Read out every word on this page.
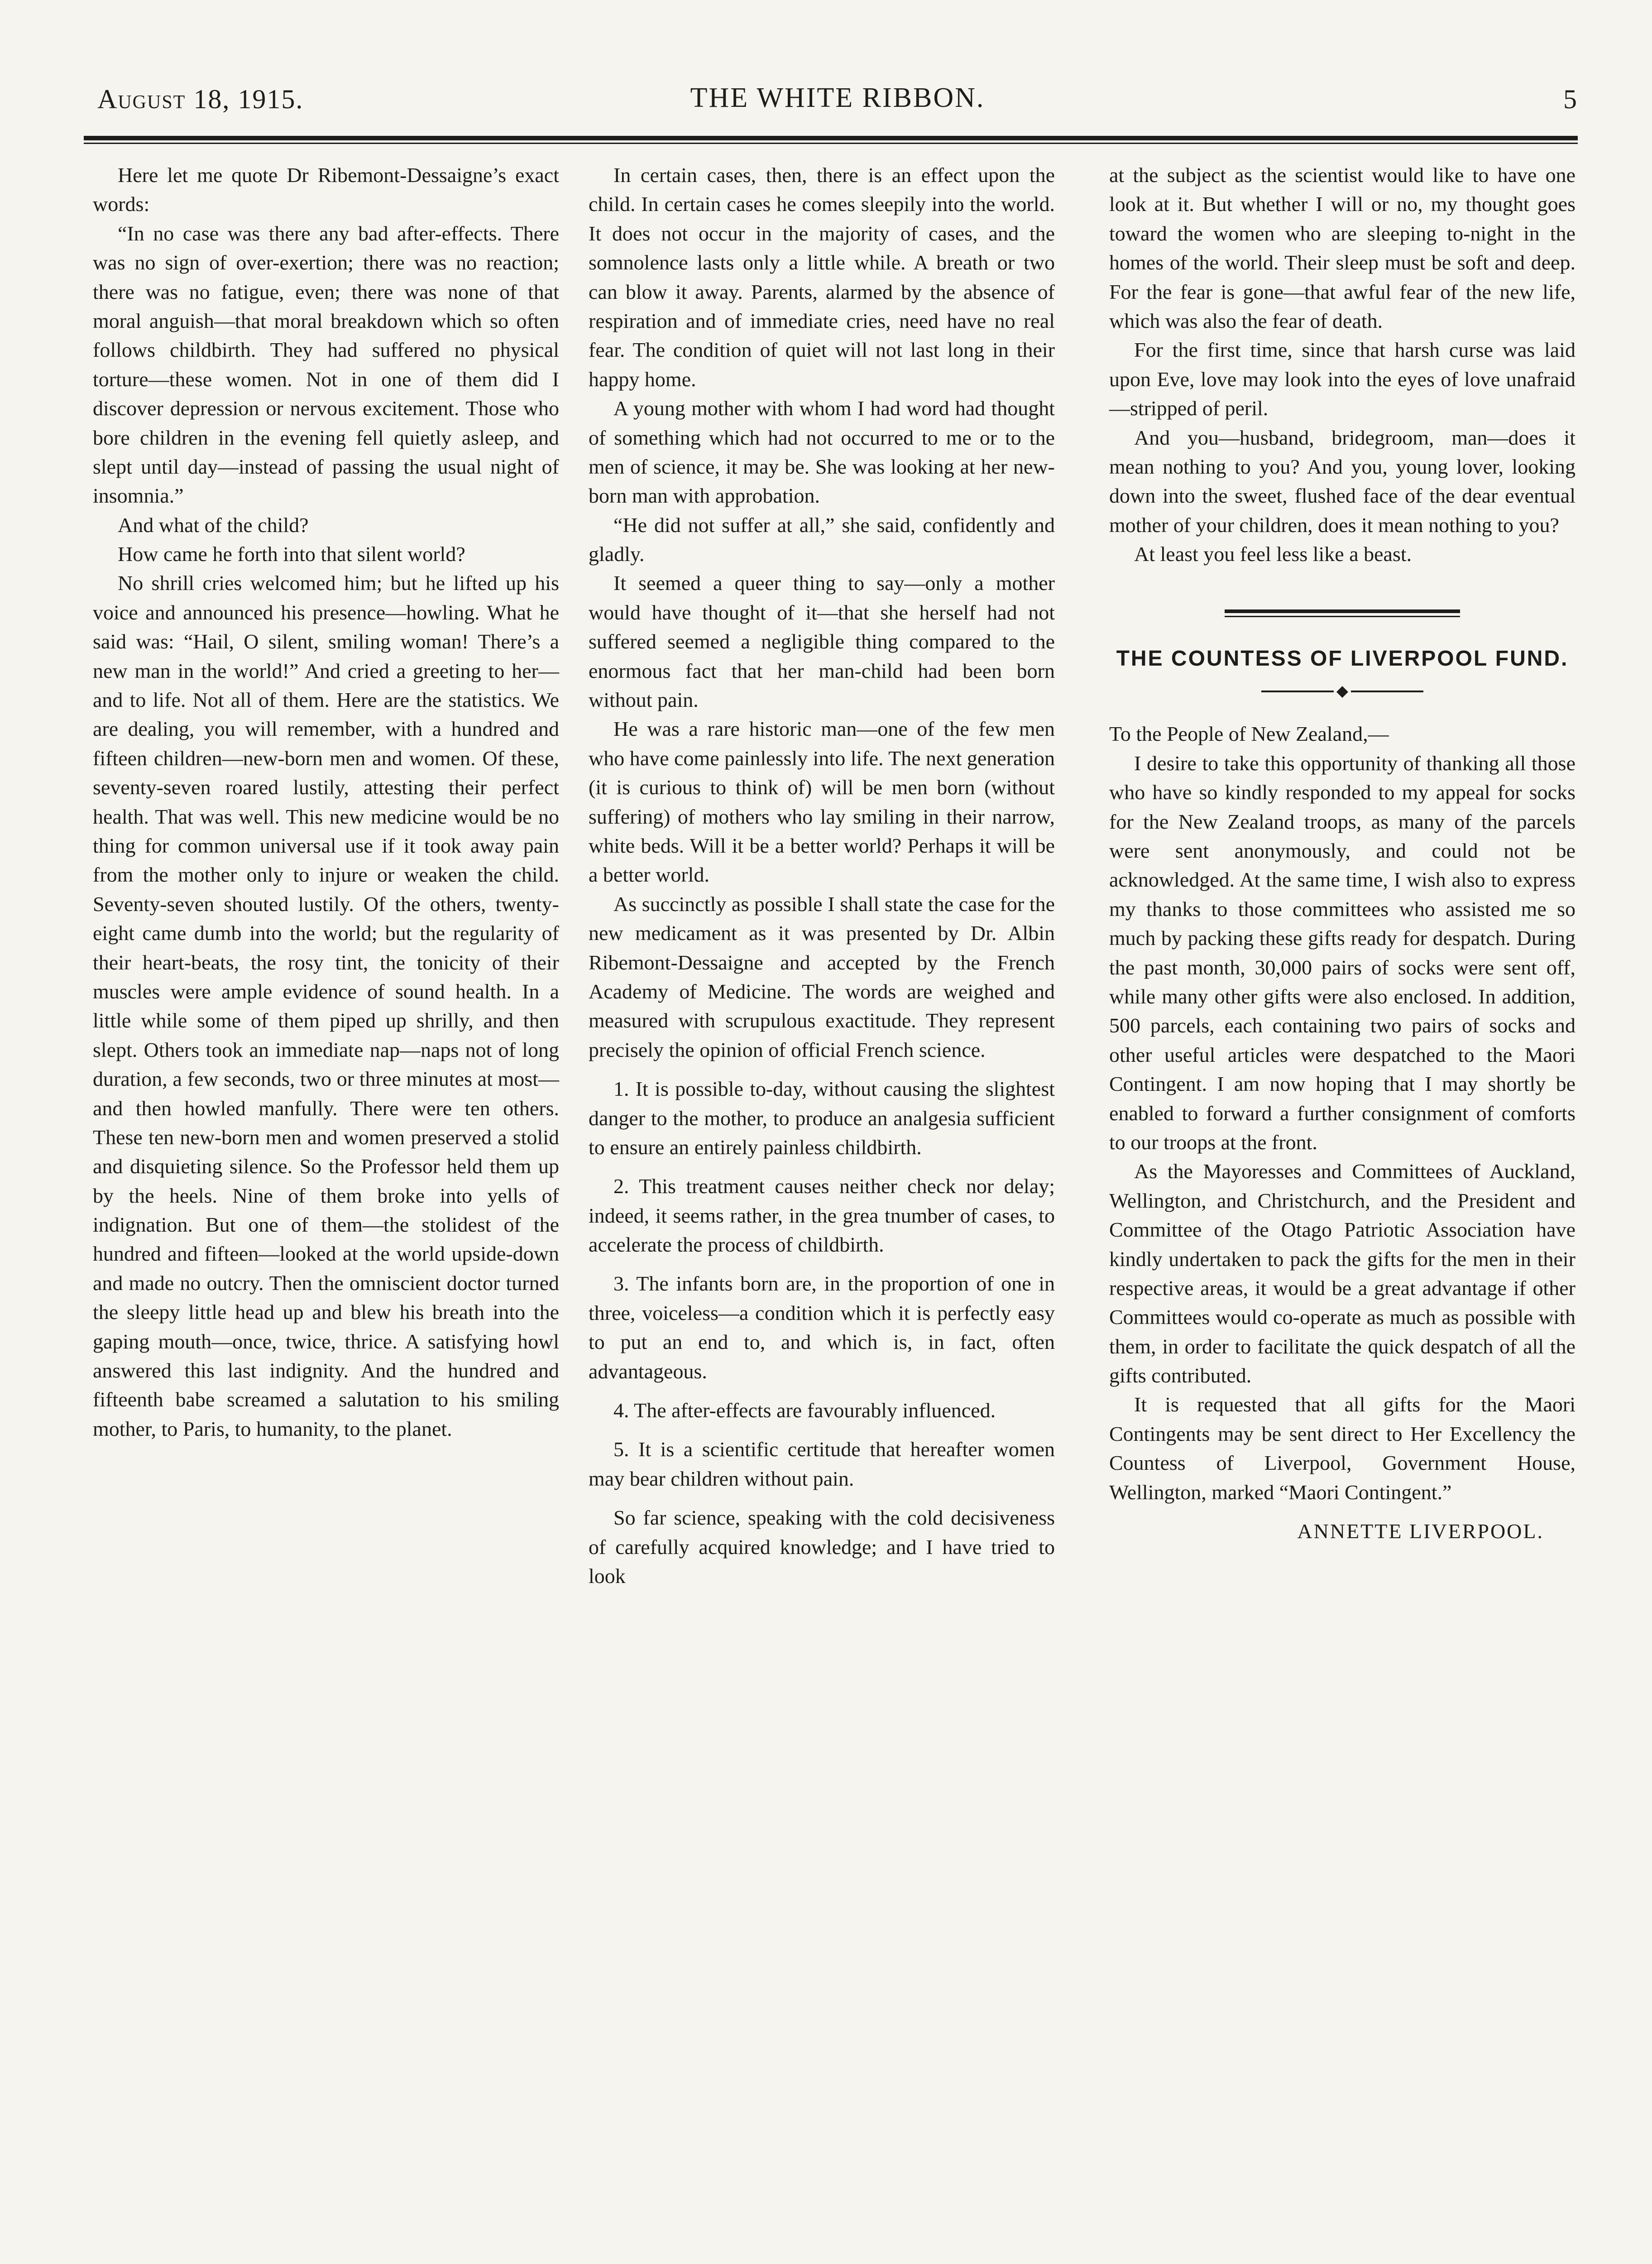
August 18, 1915.	THE WHITE RIBBON.	5

Here let me quote Dr Ribemont-Dessaigne’s exact words:

“In no case was there any bad after-effects. There was no sign of over-exertion; there was no reaction; there was no fatigue, even; there was none of that moral anguish—that moral breakdown which so often follows childbirth. They had suffered no physical torture—these women. Not in one of them did I discover depression or nervous excitement. Those who bore children in the evening fell quietly asleep, and slept until day—instead of passing the usual night of insomnia.”

And what of the child?

How came he forth into that silent world?

No shrill cries welcomed him; but he lifted up his voice and announced his presence—howling. What he said was: “Hail, O silent, smiling woman! There’s a new man in the world!” And cried a greeting to her—and to life. Not all of them. Here are the statistics. We are dealing, you will remember, with a hundred and fifteen children—new-born men and women. Of these, seventy-seven roared lustily, attesting their perfect health. That was well. This new medicine would be no thing for common universal use if it took away pain from the mother only to injure or weaken the child. Seventy-seven shouted lustily. Of the others, twenty-eight came dumb into the world; but the regularity of their heart-beats, the rosy tint, the tonicity of their muscles were ample evidence of sound health. In a little while some of them piped up shrilly, and then slept. Others took an immediate nap—naps not of long duration, a few seconds, two or three minutes at most—and then howled manfully. There were ten others. These ten new-born men and women preserved a stolid and disquieting silence. So the Professor held them up by the heels. Nine of them broke into yells of indignation. But one of them—the stolidest of the hundred and fifteen—looked at the world upside-down and made no outcry. Then the omniscient doctor turned the sleepy little head up and blew his breath into the gaping mouth—once, twice, thrice. A satisfying howl answered this last indignity. And the hundred and fifteenth babe screamed a salutation to his smiling mother, to Paris, to humanity, to the planet.

In certain cases, then, there is an effect upon the child. In certain cases he comes sleepily into the world. It does not occur in the majority of cases, and the somnolence lasts only a little while. A breath or two can blow it away. Parents, alarmed by the absence of respiration and of immediate cries, need have no real fear. The condition of quiet will not last long in their happy home.

A young mother with whom I had word had thought of something which had not occurred to me or to the men of science, it may be. She was looking at her new-born man with approbation.

“He did not suffer at all,” she said, confidently and gladly.

It seemed a queer thing to say—only a mother would have thought of it—that she herself had not suffered seemed a negligible thing compared to the enormous fact that her man-child had been born without pain.

He was a rare historic man—one of the few men who have come painlessly into life. The next generation (it is curious to think of) will be men born (without suffering) of mothers who lay smiling in their narrow, white beds. Will it be a better world? Perhaps it will be a better world.

As succinctly as possible I shall state the case for the new medicament as it was presented by Dr. Albin Ribemont-Dessaigne and accepted by the French Academy of Medicine. The words are weighed and measured with scrupulous exactitude. They represent precisely the opinion of official French science.

1. It is possible to-day, without causing the slightest danger to the mother, to produce an analgesia sufficient to ensure an entirely painless childbirth.

2. This treatment causes neither check nor delay; indeed, it seems rather, in the grea tnumber of cases, to accelerate the process of childbirth.

3. The infants born are, in the proportion of one in three, voiceless—a condition which it is perfectly easy to put an end to, and which is, in fact, often advantageous.

4. The after-effects are favourably influenced.

5. It is a scientific certitude that hereafter women may bear children without pain.

So far science, speaking with the cold decisiveness of carefully acquired knowledge; and I have tried to look

at the subject as the scientist would like to have one look at it. But whether I will or no, my thought goes toward the women who are sleeping to-night in the homes of the world. Their sleep must be soft and deep. For the fear is gone—that awful fear of the new life, which was also the fear of death.

For the first time, since that harsh curse was laid upon Eve, love may look into the eyes of love unafraid—stripped of peril.

And you—husband, bridegroom, man—does it mean nothing to you? And you, young lover, looking down into the sweet, flushed face of the dear eventual mother of your children, does it mean nothing to you?

At least you feel less like a beast.

THE COUNTESS OF LIVERPOOL FUND.
◆

To the People of New Zealand,—

I desire to take this opportunity of thanking all those who have so kindly responded to my appeal for socks for the New Zealand troops, as many of the parcels were sent anonymously, and could not be acknowledged. At the same time, I wish also to express my thanks to those committees who assisted me so much by packing these gifts ready for despatch. During the past month, 30,000 pairs of socks were sent off, while many other gifts were also enclosed. In addition, 500 parcels, each containing two pairs of socks and other useful articles were despatched to the Maori Contingent. I am now hoping that I may shortly be enabled to forward a further consignment of comforts to our troops at the front.

As the Mayoresses and Committees of Auckland, Wellington, and Christchurch, and the President and Committee of the Otago Patriotic Association have kindly undertaken to pack the gifts for the men in their respective areas, it would be a great advantage if other Committees would co-operate as much as possible with them, in order to facilitate the quick despatch of all the gifts contributed.

It is requested that all gifts for the Maori Contingents may be sent direct to Her Excellency the Countess of Liverpool, Government House, Wellington, marked “Maori Contingent.”

ANNETTE LIVERPOOL.
